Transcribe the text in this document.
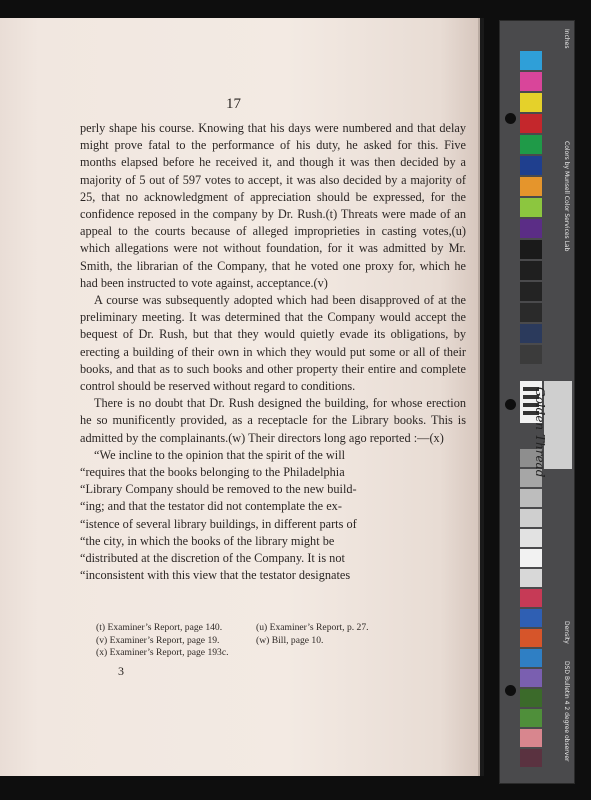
17

perly shape his course. Knowing that his days were numbered and that delay might prove fatal to the performance of his duty, he asked for this. Five months elapsed before he received it, and though it was then decided by a majority of 5 out of 597 votes to accept, it was also decided by a majority of 25, that no acknowledgment of appreciation should be expressed, for the confidence reposed in the company by Dr. Rush.(t) Threats were made of an appeal to the courts because of alleged improprieties in casting votes,(u) which allegations were not without foundation, for it was admitted by Mr. Smith, the librarian of the Company, that he voted one proxy for, which he had been instructed to vote against, acceptance.(v)

A course was subsequently adopted which had been disapproved of at the preliminary meeting. It was determined that the Company would accept the bequest of Dr. Rush, but that they would quietly evade its obligations, by erecting a building of their own in which they would put some or all of their books, and that as to such books and other property their entire and complete control should be reserved without regard to conditions.

There is no doubt that Dr. Rush designed the building, for whose erection he so munificently provided, as a receptacle for the Library books. This is admitted by the complainants.(w) Their directors long ago reported :—(x)

“We incline to the opinion that the spirit of the will
“requires that the books belonging to the Philadelphia
“Library Company should be removed to the new build-
“ing; and that the testator did not contemplate the ex-
“istence of several library buildings, in different parts of
“the city, in which the books of the library might be
“distributed at the discretion of the Company. It is not
“inconsistent with this view that the testator designates
(t) Examiner’s Report, page 140.
(v) Examiner’s Report, page 19.
(x) Examiner’s Report, page 193c.
(u) Examiner’s Report, p. 27.
(w) Bill, page 10.
3
Golden Thread
Inches
Colors by Munsell Color Services Lab
Density
DSD Bulletin 4 2 degree observer
